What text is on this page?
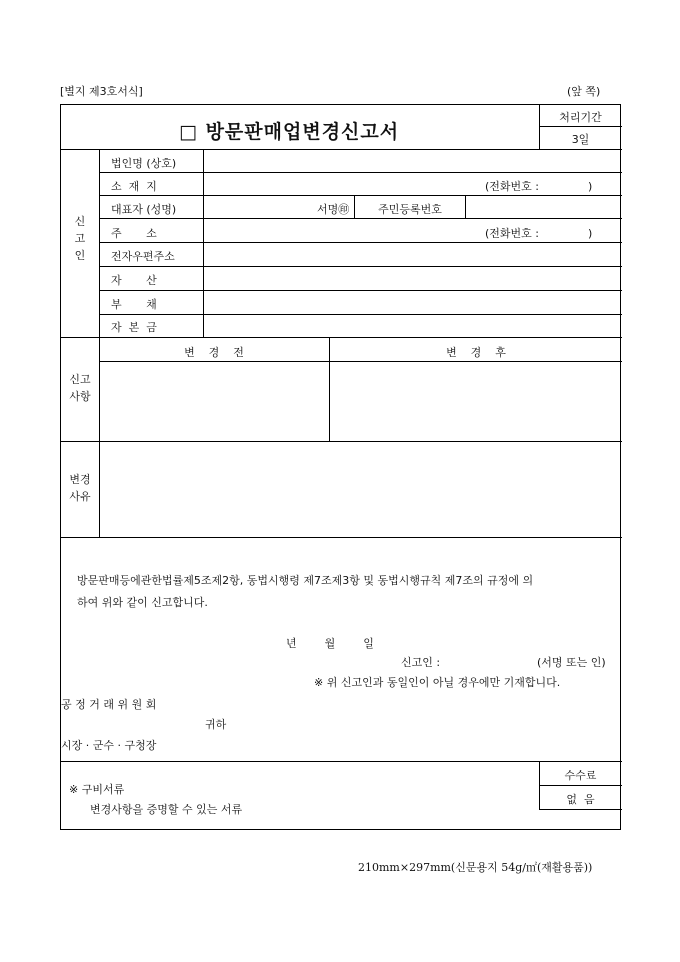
[별지 제3호서식]	(앞 쪽)
□ 방문판매업변경신고서
처리기간
3일
신
고
인
법인명 (상호)
소  재  지	(전화번호 :              )
대표자 (성명)	서명㊞	주민등록번호
주       소	(전화번호 :              )
전자우편주소
자       산
부       채
자  본  금
신고
사항
변    경    전	변    경    후
변경
사유
방문판매등에관한법률제5조제2항, 동법시행령 제7조제3항 및 동법시행규칙 제7조의 규정에 의
하여 위와 같이 신고합니다.
년        월        일
신고인 :	(서명 또는 인)
※ 위 신고인과 동일인이 아닐 경우에만 기재합니다.
공 정 거 래 위 원 회
귀하
시장 · 군수 · 구청장
※ 구비서류
변경사항을 증명할 수 있는 서류
수수료
없  음
210mm×297mm(신문용지 54g/㎡(재활용품))
